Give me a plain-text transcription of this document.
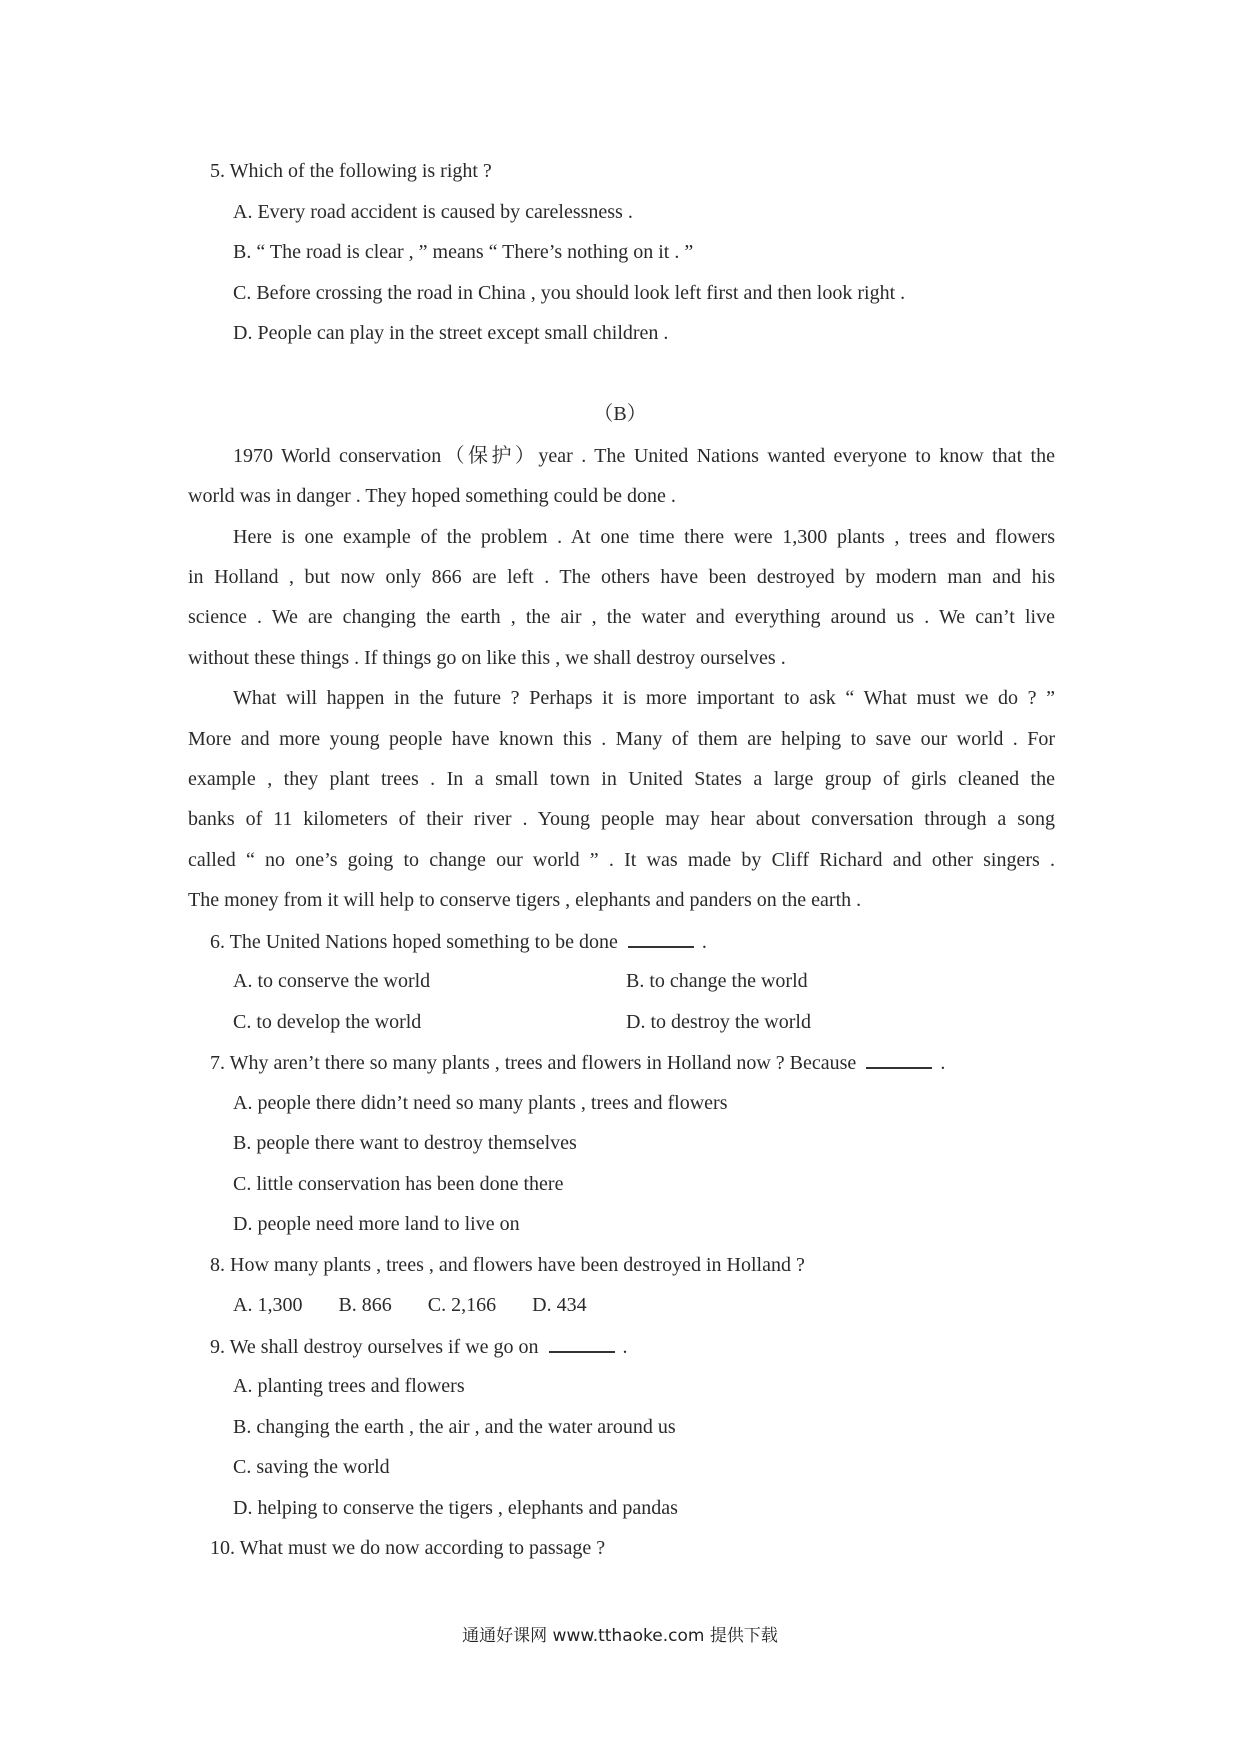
5. Which of the following is right ?
A. Every road accident is caused by carelessness .
B. “ The road is clear , ” means “ There’s nothing on it . ”
C. Before crossing the road in China , you should look left first and then look right .
D. People can play in the street except small children .
（B）
1970 World conservation（保护）year . The United Nations wanted everyone to know that the
world was in danger . They hoped something could be done .
Here is one example of the problem . At one time there were 1,300 plants , trees and flowers
in Holland , but now only 866 are left . The others have been destroyed by modern man and his
science . We are changing the earth , the air , the water and everything around us . We can’t live
without these things . If things go on like this , we shall destroy ourselves .
What will happen in the future ? Perhaps it is more important to ask “ What must we do ? ”
More and more young people have known this . Many of them are helping to save our world . For
example , they plant trees . In a small town in United States a large group of girls cleaned the
banks of 11 kilometers of their river . Young people may hear about conversation through a song
called “ no one’s going to change our world ” . It was made by Cliff Richard and other singers .
The money from it will help to conserve tigers , elephants and panders on the earth .
6. The United Nations hoped something to be done	.
A. to conserve the world	B. to change the world
C. to develop the world	D. to destroy the world
7. Why aren’t there so many plants , trees and flowers in Holland now ? Because	.
A. people there didn’t need so many plants , trees and flowers
B. people there want to destroy themselves
C. little conservation has been done there
D. people need more land to live on
8. How many plants , trees , and flowers have been destroyed in Holland ?
A. 1,300 B. 866 C. 2,166 D. 434
9. We shall destroy ourselves if we go on	.
A. planting trees and flowers
B. changing the earth , the air , and the water around us
C. saving the world
D. helping to conserve the tigers , elephants and pandas
10. What must we do now according to passage ?
通通好课网 www.tthaoke.com 提供下载
